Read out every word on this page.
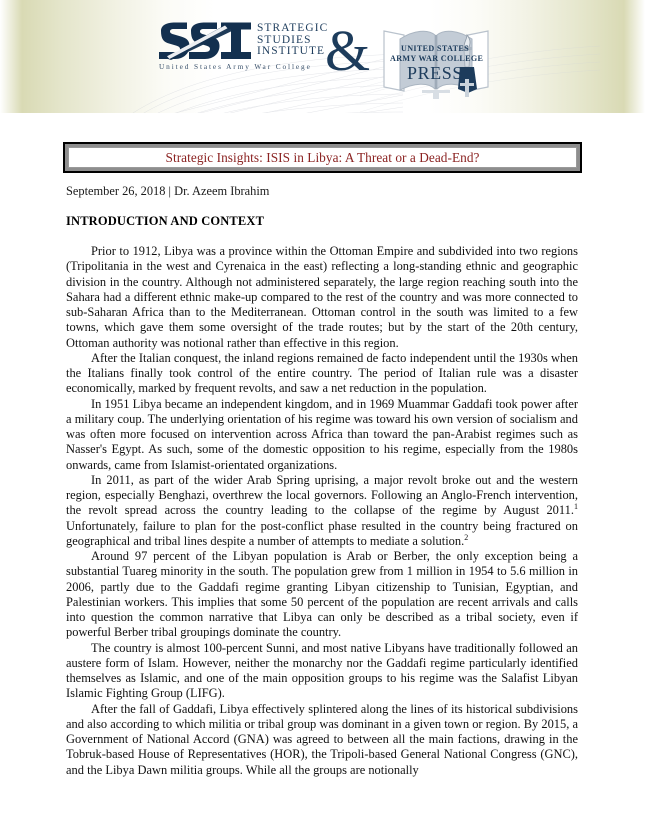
STRATEGIC
STUDIES
INSTITUTE
United States Army War College &	UNITED STATES
ARMY WAR COLLEGE
PRESS
Strategic Insights: ISIS in Libya: A Threat or a Dead-End?

September 26, 2018 | Dr. Azeem Ibrahim

INTRODUCTION AND CONTEXT

Prior to 1912, Libya was a province within the Ottoman Empire and subdivided into two regions (Tripolitania in the west and Cyrenaica in the east) reflecting a long-standing ethnic and geographic division in the country. Although not administered separately, the large region reaching south into the Sahara had a different ethnic make-up compared to the rest of the country and was more connected to sub-Saharan Africa than to the Mediterranean. Ottoman control in the south was limited to a few towns, which gave them some oversight of the trade routes; but by the start of the 20th century, Ottoman authority was notional rather than effective in this region.

After the Italian conquest, the inland regions remained de facto independent until the 1930s when the Italians finally took control of the entire country. The period of Italian rule was a disaster economically, marked by frequent revolts, and saw a net reduction in the population.

In 1951 Libya became an independent kingdom, and in 1969 Muammar Gaddafi took power after a military coup. The underlying orientation of his regime was toward his own version of socialism and was often more focused on intervention across Africa than toward the pan-Arabist regimes such as Nasser's Egypt. As such, some of the domestic opposition to his regime, especially from the 1980s onwards, came from Islamist-orientated organizations.

In 2011, as part of the wider Arab Spring uprising, a major revolt broke out and the western region, especially Benghazi, overthrew the local governors. Following an Anglo-French intervention, the revolt spread across the country leading to the collapse of the regime by August 2011.$^1$ Unfortunately, failure to plan for the post-conflict phase resulted in the country being fractured on geographical and tribal lines despite a number of attempts to mediate a solution.$^2$

Around 97 percent of the Libyan population is Arab or Berber, the only exception being a substantial Tuareg minority in the south. The population grew from 1 million in 1954 to 5.6 million in 2006, partly due to the Gaddafi regime granting Libyan citizenship to Tunisian, Egyptian, and Palestinian workers. This implies that some 50 percent of the population are recent arrivals and calls into question the common narrative that Libya can only be described as a tribal society, even if powerful Berber tribal groupings dominate the country.

The country is almost 100-percent Sunni, and most native Libyans have traditionally followed an austere form of Islam. However, neither the monarchy nor the Gaddafi regime particularly identified themselves as Islamic, and one of the main opposition groups to his regime was the Salafist Libyan Islamic Fighting Group (LIFG).

After the fall of Gaddafi, Libya effectively splintered along the lines of its historical subdivisions and also according to which militia or tribal group was dominant in a given town or region. By 2015, a Government of National Accord (GNA) was agreed to between all the main factions, drawing in the Tobruk-based House of Representatives (HOR), the Tripoli-based General National Congress (GNC), and the Libya Dawn militia groups. While all the groups are notionally
